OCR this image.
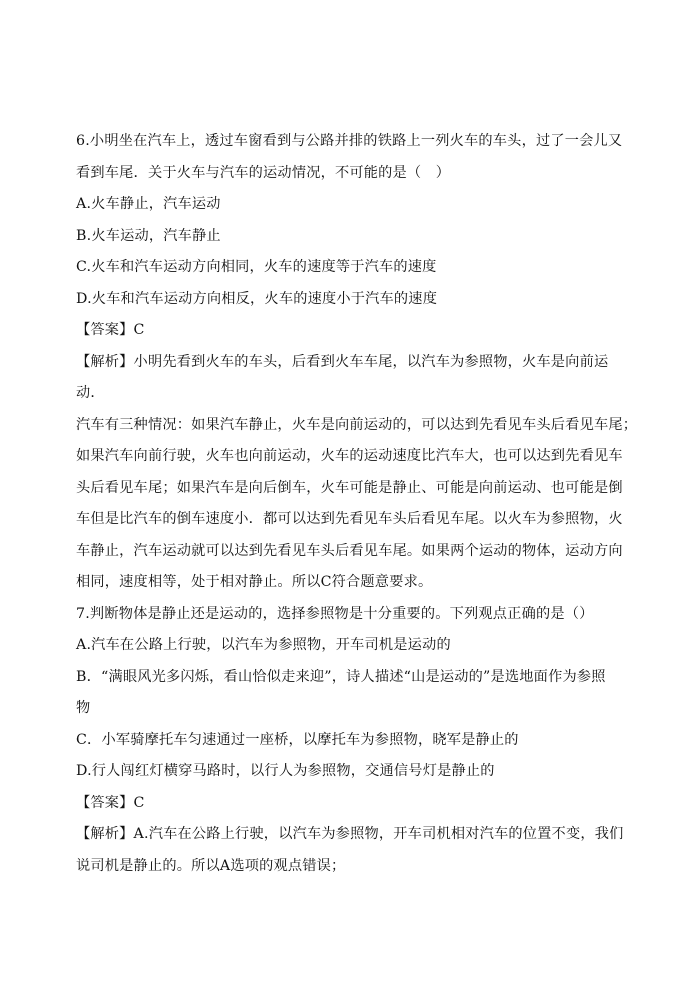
6.小明坐在汽车上，透过车窗看到与公路并排的铁路上一列火车的车头，过了一会儿又
看到车尾．关于火车与汽车的运动情况，不可能的是（　）
A.火车静止，汽车运动
B.火车运动，汽车静止
C.火车和汽车运动方向相同，火车的速度等于汽车的速度
D.火车和汽车运动方向相反，火车的速度小于汽车的速度
【答案】C
【解析】小明先看到火车的车头，后看到火车车尾，以汽车为参照物，火车是向前运
动．
汽车有三种情况：如果汽车静止，火车是向前运动的，可以达到先看见车头后看见车尾；
如果汽车向前行驶，火车也向前运动，火车的运动速度比汽车大，也可以达到先看见车
头后看见车尾；如果汽车是向后倒车，火车可能是静止、可能是向前运动、也可能是倒
车但是比汽车的倒车速度小．都可以达到先看见车头后看见车尾。以火车为参照物，火
车静止，汽车运动就可以达到先看见车头后看见车尾。如果两个运动的物体，运动方向
相同，速度相等，处于相对静止。所以C符合题意要求。
7.判断物体是静止还是运动的，选择参照物是十分重要的。下列观点正确的是（）
A.汽车在公路上行驶，以汽车为参照物，开车司机是运动的
B．“满眼风光多闪烁，看山恰似走来迎”，诗人描述“山是运动的”是选地面作为参照
物
C．小军骑摩托车匀速通过一座桥，以摩托车为参照物，晓军是静止的
D.行人闯红灯横穿马路时，以行人为参照物，交通信号灯是静止的
【答案】C
【解析】A.汽车在公路上行驶，以汽车为参照物，开车司机相对汽车的位置不变，我们
说司机是静止的。所以A选项的观点错误；
